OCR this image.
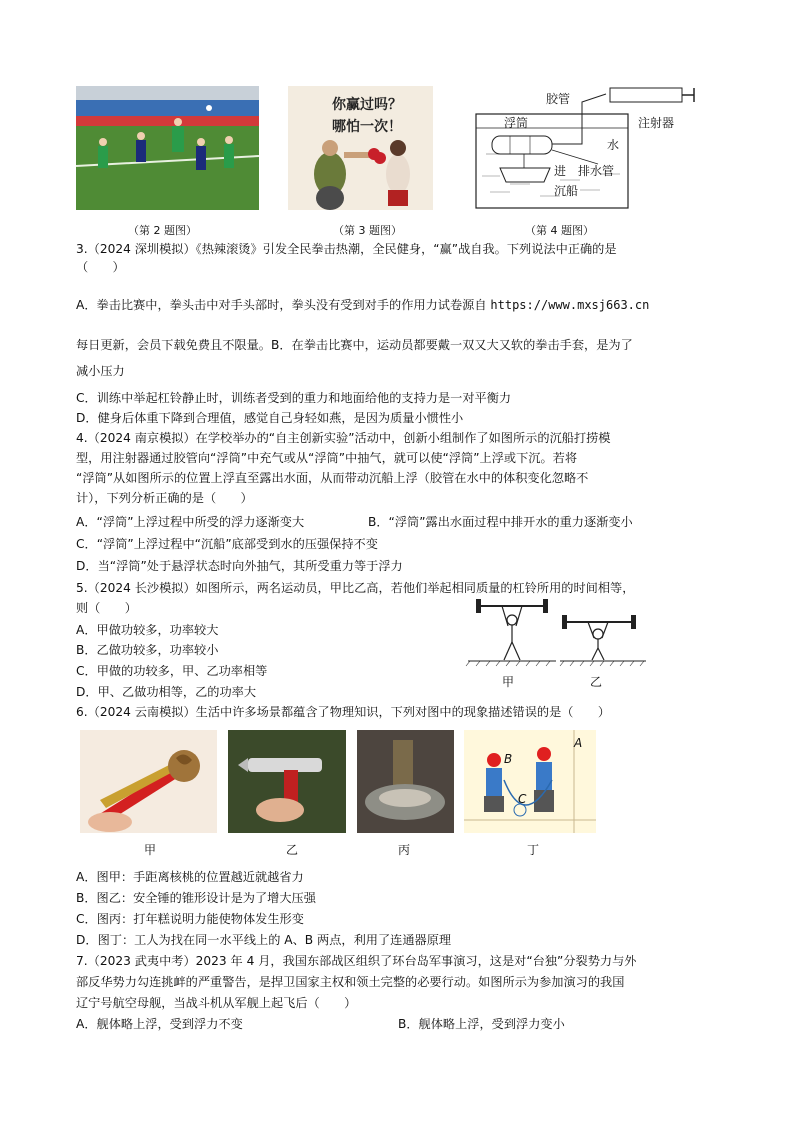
你赢过吗？
哪怕一次！
胶管
浮筒	注射器
水
进 排水管
沉船
（第 2 题图）	（第 3 题图）	（第 4 题图）
3.（2024 深圳模拟）《热辣滚烫》引发全民拳击热潮，全民健身，“赢”战自我。下列说法中正确的是
（　　）
A．拳击比赛中，拳头击中对手头部时，拳头没有受到对手的作用力试卷源自 https://www.mxsj663.cn
每日更新，会员下载免费且不限量。B．在拳击比赛中，运动员都要戴一双又大又软的拳击手套，是为了
减小压力
C．训练中举起杠铃静止时，训练者受到的重力和地面给他的支持力是一对平衡力
D．健身后体重下降到合理值，感觉自己身轻如燕，是因为质量小惯性小
4.（2024 南京模拟）在学校举办的“自主创新实验”活动中，创新小组制作了如图所示的沉船打捞模
型，用注射器通过胶管向“浮筒”中充气或从“浮筒”中抽气，就可以使“浮筒”上浮或下沉。若将
“浮筒”从如图所示的位置上浮直至露出水面，从而带动沉船上浮（胶管在水中的体积变化忽略不
计），下列分析正确的是（　　）
A．“浮筒”上浮过程中所受的浮力逐渐变大	B．“浮筒”露出水面过程中排开水的重力逐渐变小
C．“浮筒”上浮过程中“沉船”底部受到水的压强保持不变
D．当“浮筒”处于悬浮状态时向外抽气，其所受重力等于浮力
5.（2024 长沙模拟）如图所示，两名运动员，甲比乙高，若他们举起相同质量的杠铃所用的时间相等，
则（　　）
A．甲做功较多，功率较大
B．乙做功较多，功率较小
C．甲做的功较多，甲、乙功率相等
D．甲、乙做功相等，乙的功率大
甲	乙
6.（2024 云南模拟）生活中许多场景都蕴含了物理知识，下列对图中的现象描述错误的是（　　）
A
B
C
甲	乙	丙	丁
A．图甲：手距离核桃的位置越近就越省力
B．图乙：安全锤的锥形设计是为了增大压强
C．图丙：打年糕说明力能使物体发生形变
D．图丁：工人为找在同一水平线上的 A、B 两点，利用了连通器原理
7.（2023 武夷中考）2023 年 4 月，我国东部战区组织了环台岛军事演习，这是对“台独”分裂势力与外
部反华势力勾连挑衅的严重警告，是捍卫国家主权和领土完整的必要行动。如图所示为参加演习的我国
辽宁号航空母舰，当战斗机从军舰上起飞后（　　）
A．舰体略上浮，受到浮力不变	B．舰体略上浮，受到浮力变小
